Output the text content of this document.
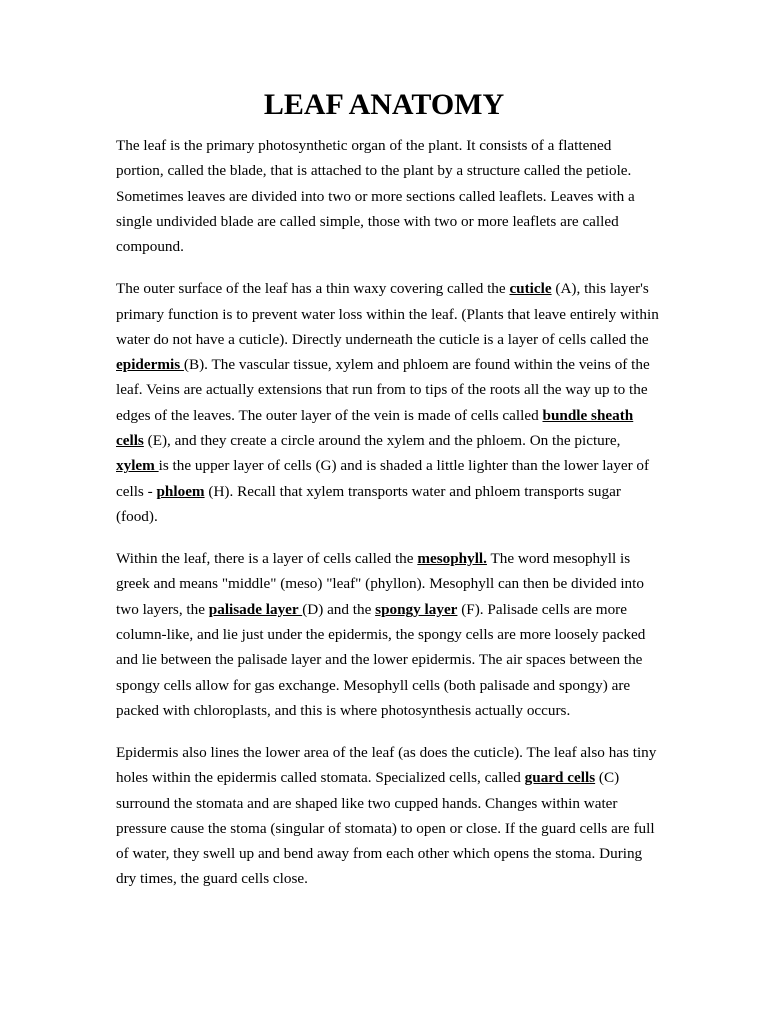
LEAF ANATOMY

The leaf is the primary photosynthetic organ of the plant. It consists of a flattened portion, called the blade, that is attached to the plant by a structure called the petiole. Sometimes leaves are divided into two or more sections called leaflets. Leaves with a single undivided blade are called simple, those with two or more leaflets are called compound.

The outer surface of the leaf has a thin waxy covering called the cuticle (A), this layer's primary function is to prevent water loss within the leaf. (Plants that leave entirely within water do not have a cuticle). Directly underneath the cuticle is a layer of cells called the epidermis (B). The vascular tissue, xylem and phloem are found within the veins of the leaf. Veins are actually extensions that run from to tips of the roots all the way up to the edges of the leaves. The outer layer of the vein is made of cells called bundle sheath cells (E), and they create a circle around the xylem and the phloem. On the picture, xylem is the upper layer of cells (G) and is shaded a little lighter than the lower layer of cells - phloem (H). Recall that xylem transports water and phloem transports sugar (food).

Within the leaf, there is a layer of cells called the mesophyll. The word mesophyll is greek and means "middle" (meso) "leaf" (phyllon). Mesophyll can then be divided into two layers, the palisade layer (D) and the spongy layer (F). Palisade cells are more column-like, and lie just under the epidermis, the spongy cells are more loosely packed and lie between the palisade layer and the lower epidermis. The air spaces between the spongy cells allow for gas exchange. Mesophyll cells (both palisade and spongy) are packed with chloroplasts, and this is where photosynthesis actually occurs.

Epidermis also lines the lower area of the leaf (as does the cuticle). The leaf also has tiny holes within the epidermis called stomata. Specialized cells, called guard cells (C) surround the stomata and are shaped like two cupped hands. Changes within water pressure cause the stoma (singular of stomata) to open or close. If the guard cells are full of water, they swell up and bend away from each other which opens the stoma. During dry times, the guard cells close.
